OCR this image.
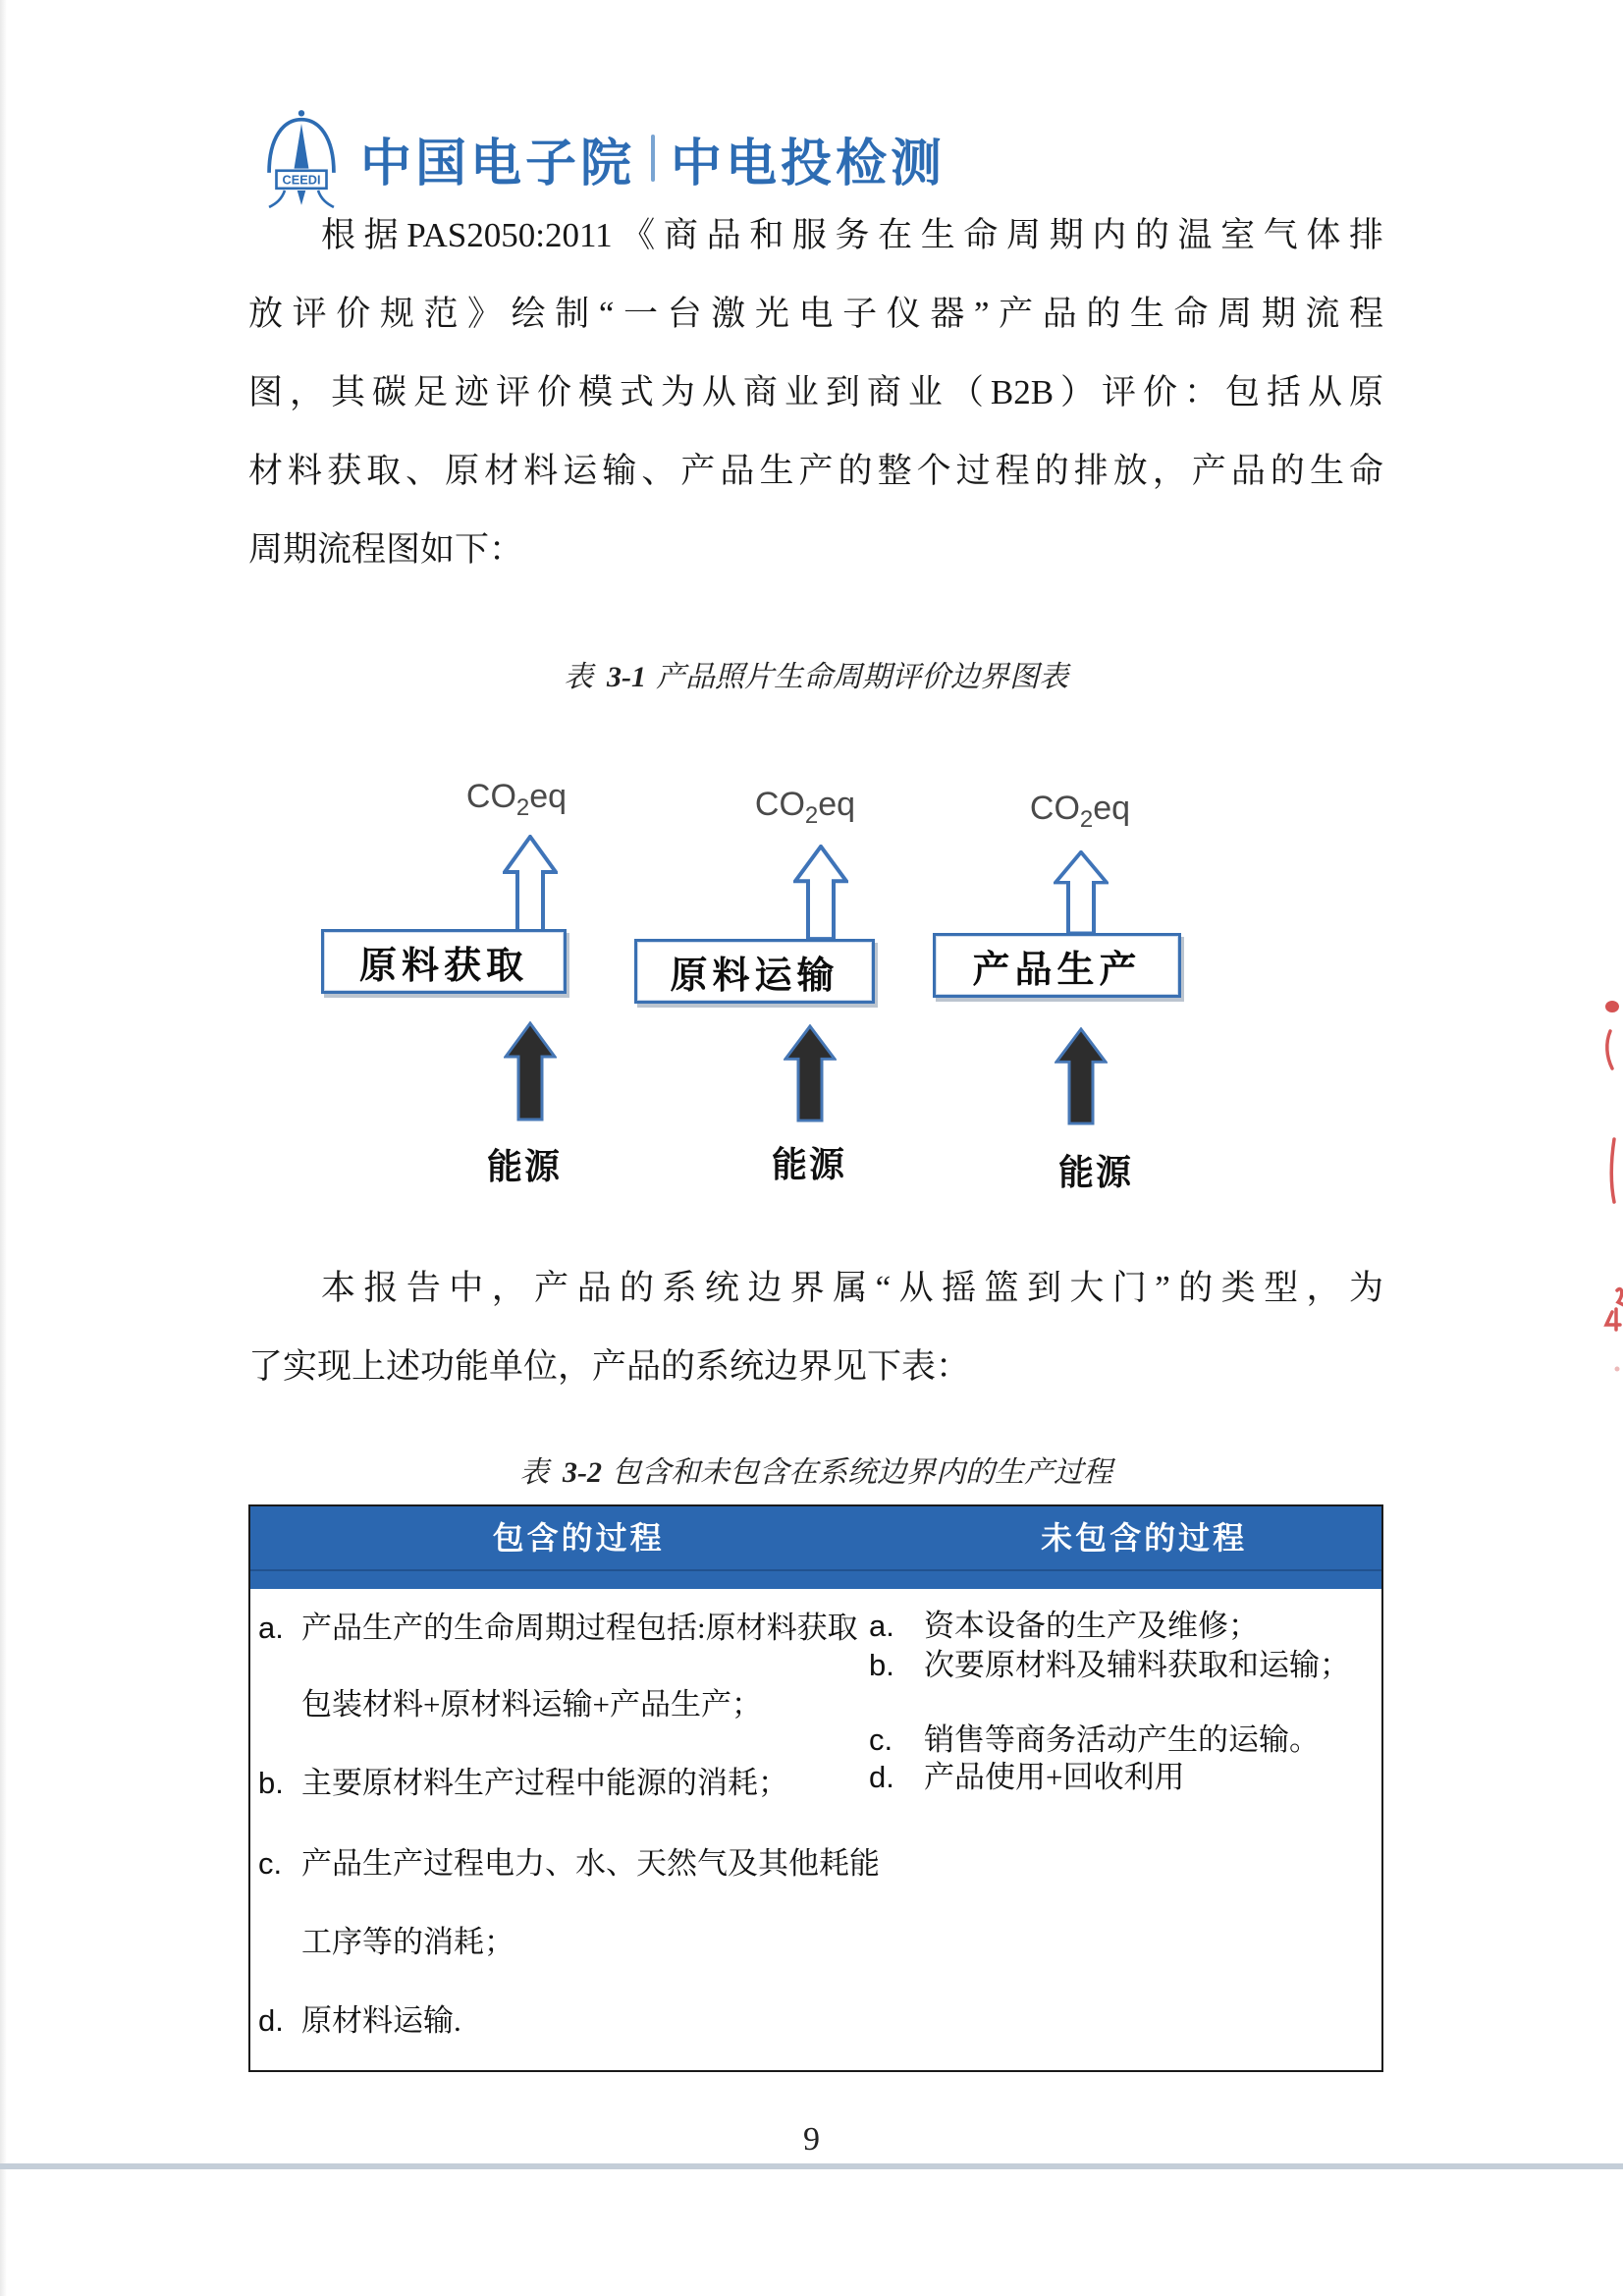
CEEDI 中国电子院 中电投检测
根据PAS2050:2011《商品和服务在生命周期内的温室气体排
放评价规范》绘制“一台激光电子仪器”产品的生命周期流程
图，其碳足迹评价模式为从商业到商业（B2B）评价：包括从原
材料获取、原材料运输、产品生产的整个过程的排放，产品的生命
周期流程图如下：
表 3-1 产品照片生命周期评价边界图表
$CO_2eq$
原料获取
能源
$CO_2eq$
原料运输
能源
$CO_2eq$
产品生产
能源
本报告中，产品的系统边界属“从摇篮到大门”的类型，为
了实现上述功能单位，产品的系统边界见下表：
表 3-2 包含和未包含在系统边界内的生产过程
包含的过程	未包含的过程
a. 产品生产的生命周期过程包括:原材料获取
包装材料+原材料运输+产品生产；
b. 主要原材料生产过程中能源的消耗；
c. 产品生产过程电力、水、天然气及其他耗能
工序等的消耗；
d. 原材料运输.
a. 资本设备的生产及维修；
b. 次要原材料及辅料获取和运输；
c. 销售等商务活动产生的运输。
d. 产品使用+回收利用
9
